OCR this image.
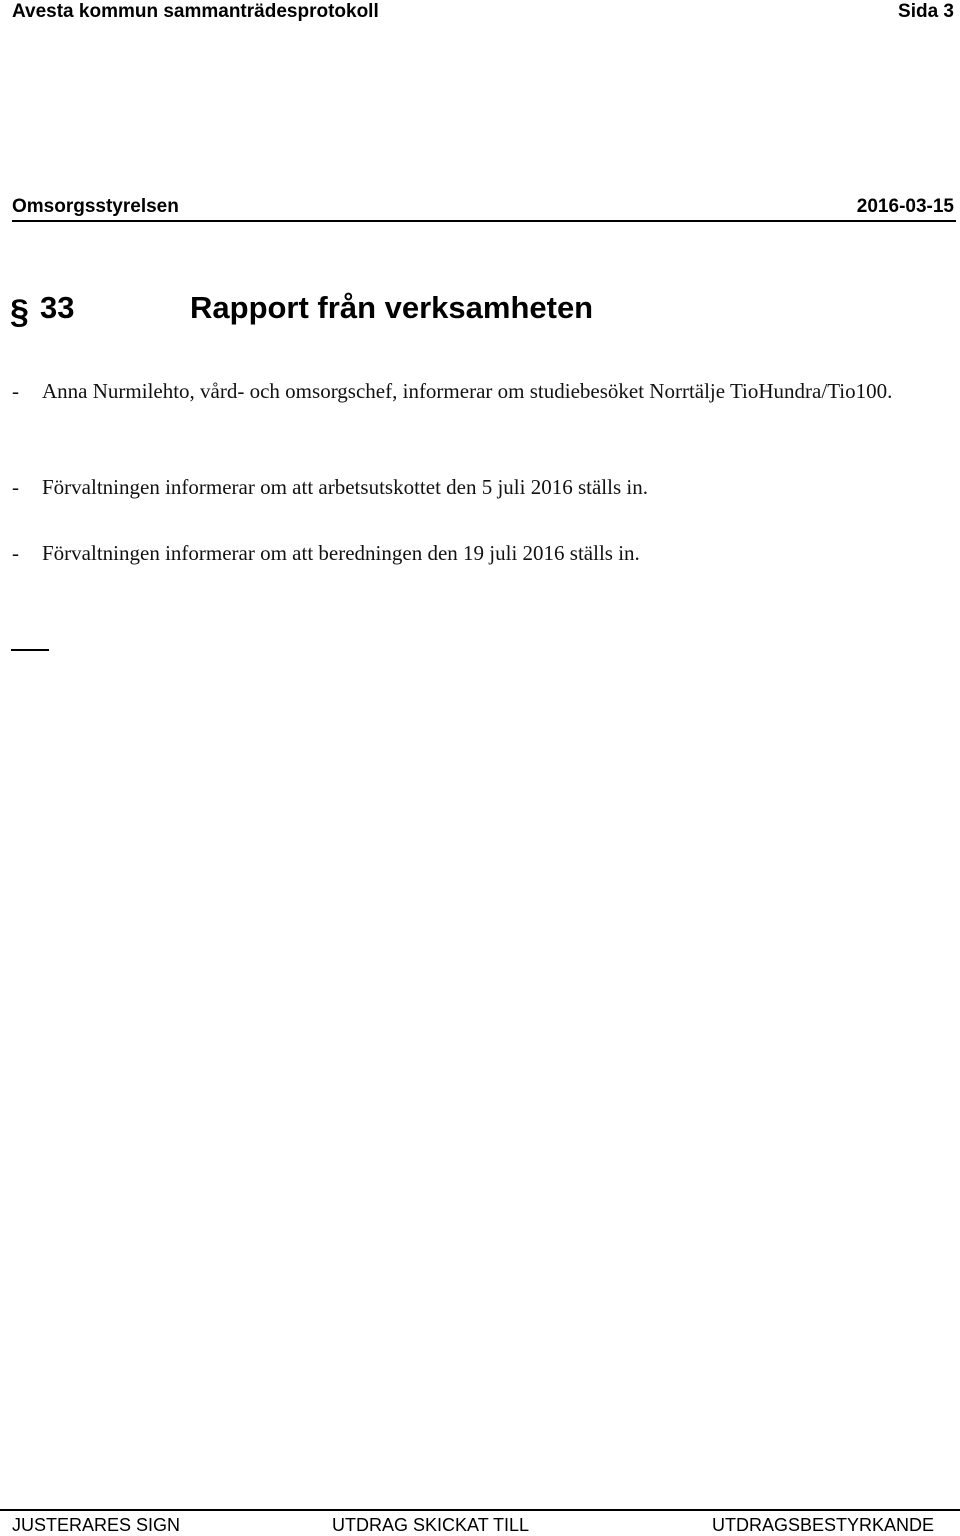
Avesta kommun sammanträdesprotokoll	Sida 3
Omsorgsstyrelsen	2016-03-15
§ 33	Rapport från verksamheten
- Anna Nurmilehto, vård- och omsorgschef, informerar om studiebesöket Norrtälje TioHundra/Tio100.
- Förvaltningen informerar om att arbetsutskottet den 5 juli 2016 ställs in.
- Förvaltningen informerar om att beredningen den 19 juli 2016 ställs in.
JUSTERARES SIGN	UTDRAG SKICKAT TILL	UTDRAGSBESTYRKANDE
